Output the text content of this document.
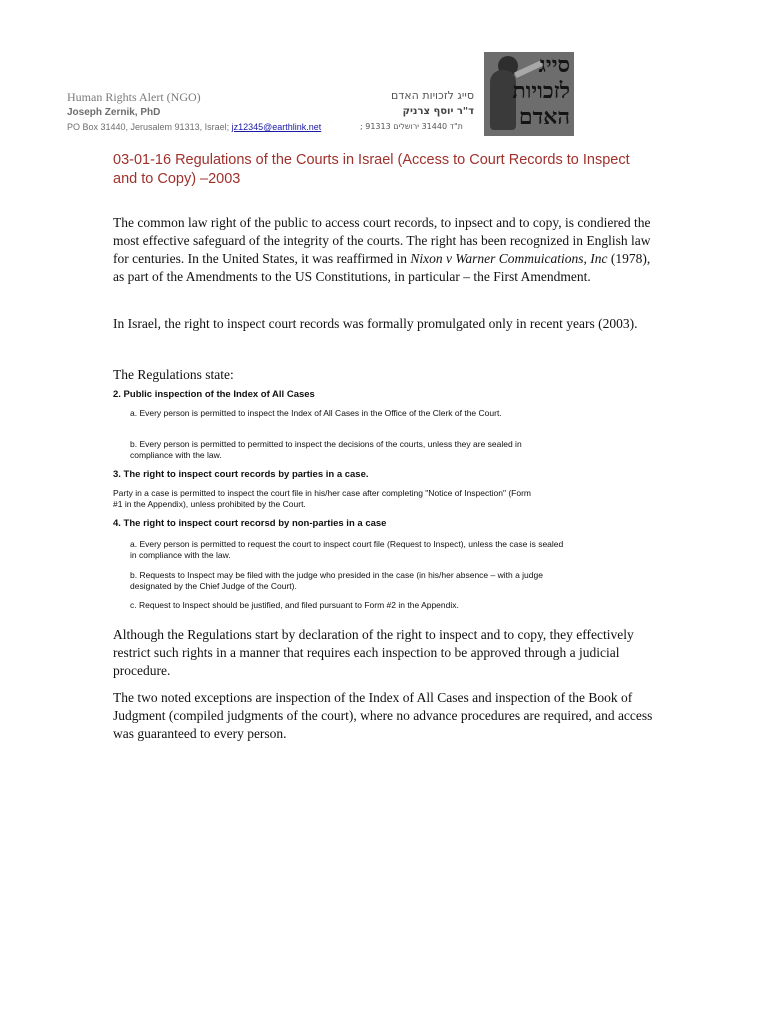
Human Rights Alert (NGO)
Joseph Zernik, PhD
PO Box 31440, Jerusalem 91313, Israel; jz12345@earthlink.net
סייג לזכויות האדם
ד"ר יוסף צרניק
; 91313 ת"ד 31440 ירושלים
סייג
לזכויות
האדם
03-01-16 Regulations of the Courts in Israel (Access to Court Records to Inspect and to Copy) –2003
The common law right of the public to access court records, to inpsect and to copy, is condiered the most effective safeguard of the integrity of the courts. The right has been recognized in English law for centuries. In the United States, it was reaffirmed in Nixon v Warner Commuications, Inc (1978), as part of the Amendments to the US Constitutions, in particular – the First Amendment.
In Israel, the right to inspect court records was formally promulgated only in recent years (2003).
The Regulations state:
2. Public inspection of the Index of All Cases
a. Every person is permitted to inspect the Index of All Cases in the Office of the Clerk of the Court.
b. Every person is permitted to permitted to inspect the decisions of the courts, unless they are sealed in compliance with the law.
3. The right to inspect court records by parties in a case.
Party in a case is permitted to inspect the court file in his/her case after completing "Notice of Inspection" (Form #1 in the Appendix), unless prohibited by the Court.
4. The right to inspect court recorsd by non-parties in a case
a. Every person is permitted to request the court to inspect court file (Request to Inspect), unless the case is sealed in compliance with the law.
b. Requests to Inspect may be filed with the judge who presided in the case (in his/her absence – with a judge designated by the Chief Judge of the Court).
c. Request to Inspect should be justified, and filed pursuant to Form #2 in the Appendix.
Although the Regulations start by declaration of the right to inspect and to copy, they effectively restrict such rights in a manner that requires each inspection to be approved through a judicial procedure.
The two noted exceptions are inspection of the Index of All Cases and inspection of the Book of Judgment (compiled judgments of the court), where no advance procedures are required, and access was guaranteed to every person.
